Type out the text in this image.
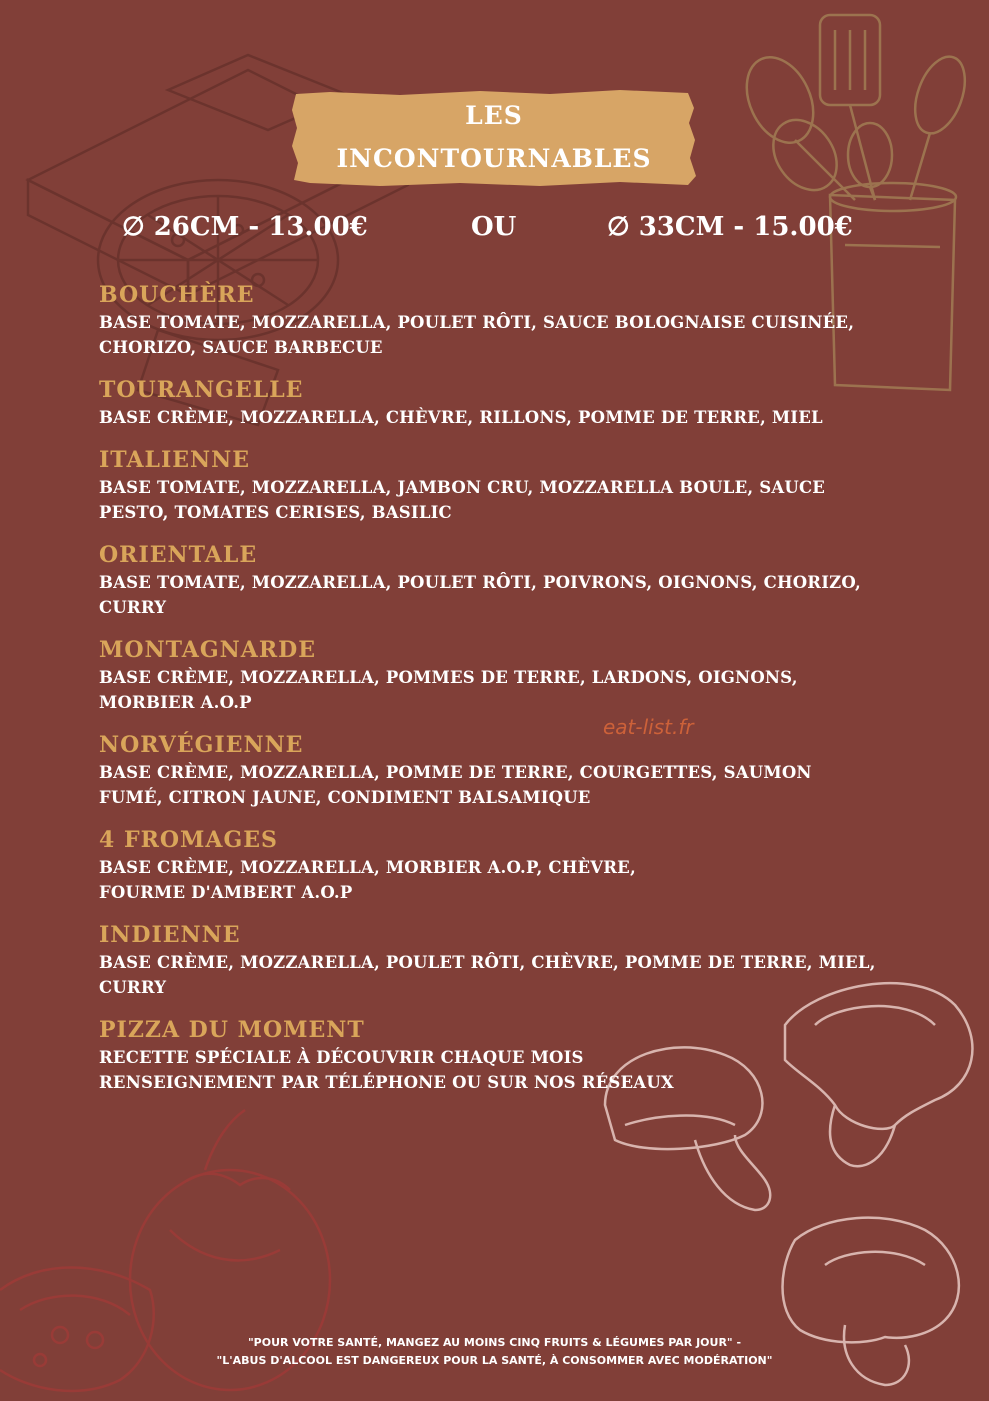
LES
INCONTOURNABLES
∅ 26CM - 13.00€	OU	∅ 33CM - 15.00€
BOUCHÈRE
BASE TOMATE, MOZZARELLA, POULET RÔTI, SAUCE BOLOGNAISE CUISINÉE,
CHORIZO, SAUCE BARBECUE
TOURANGELLE
BASE CRÈME, MOZZARELLA, CHÈVRE, RILLONS, POMME DE TERRE, MIEL
ITALIENNE
BASE TOMATE, MOZZARELLA, JAMBON CRU, MOZZARELLA BOULE, SAUCE
PESTO, TOMATES CERISES, BASILIC
ORIENTALE
BASE TOMATE, MOZZARELLA, POULET RÔTI, POIVRONS, OIGNONS, CHORIZO,
CURRY
MONTAGNARDE
BASE CRÈME, MOZZARELLA, POMMES DE TERRE, LARDONS, OIGNONS,
MORBIER A.O.P
NORVÉGIENNE
BASE CRÈME, MOZZARELLA, POMME DE TERRE, COURGETTES, SAUMON
FUMÉ, CITRON JAUNE, CONDIMENT BALSAMIQUE
4 FROMAGES
BASE CRÈME, MOZZARELLA, MORBIER A.O.P, CHÈVRE,
FOURME D'AMBERT A.O.P
INDIENNE
BASE CRÈME, MOZZARELLA, POULET RÔTI, CHÈVRE, POMME DE TERRE, MIEL,
CURRY
PIZZA DU MOMENT
RECETTE SPÉCIALE À DÉCOUVRIR CHAQUE MOIS
RENSEIGNEMENT PAR TÉLÉPHONE OU SUR NOS RÉSEAUX
eat-list.fr
"POUR VOTRE SANTÉ, MANGEZ AU MOINS CINQ FRUITS & LÉGUMES PAR JOUR" -
"L'ABUS D'ALCOOL EST DANGEREUX POUR LA SANTÉ, À CONSOMMER AVEC MODÉRATION"
